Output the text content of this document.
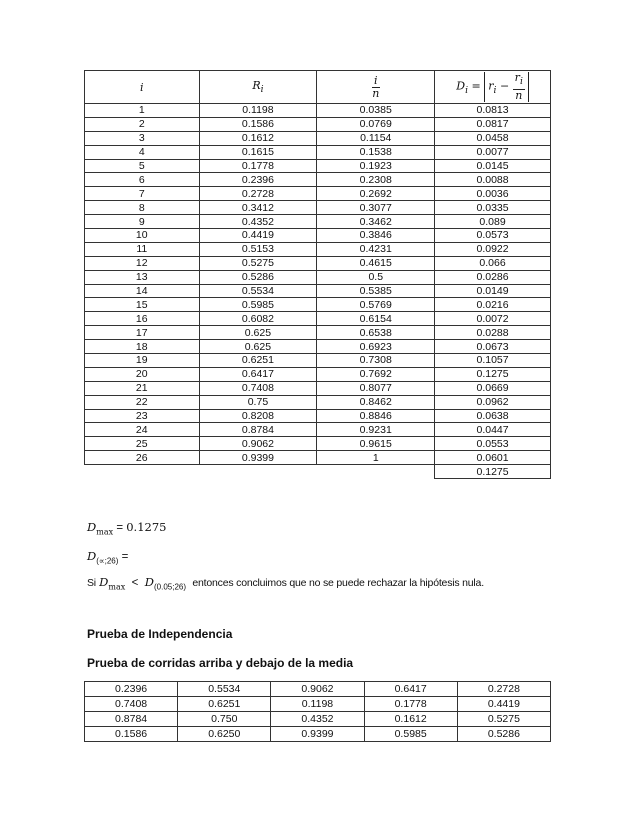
i	$R_i$	$\frac{i}{n}$	$D_i = r_i - \frac{r_i}{n}$

1	0.1198	0.0385	0.0813
2	0.1586	0.0769	0.0817
3	0.1612	0.1154	0.0458
4	0.1615	0.1538	0.0077
5	0.1778	0.1923	0.0145
6	0.2396	0.2308	0.0088
7	0.2728	0.2692	0.0036
8	0.3412	0.3077	0.0335
9	0.4352	0.3462	0.089
10	0.4419	0.3846	0.0573
11	0.5153	0.4231	0.0922
12	0.5275	0.4615	0.066
13	0.5286	0.5	0.0286
14	0.5534	0.5385	0.0149
15	0.5985	0.5769	0.0216
16	0.6082	0.6154	0.0072
17	0.625	0.6538	0.0288
18	0.625	0.6923	0.0673
19	0.6251	0.7308	0.1057
20	0.6417	0.7692	0.1275
21	0.7408	0.8077	0.0669
22	0.75	0.8462	0.0962
23	0.8208	0.8846	0.0638
24	0.8784	0.9231	0.0447
25	0.9062	0.9615	0.0553
26	0.9399	1	0.0601
			0.1275
$D_{max} = 0.1275$
$D_{(\propto;26)}$ =
Si $D_{max} < D_{(0.05;26)}$ entonces concluimos que no se puede rechazar la hipótesis nula.
Prueba de Independencia
Prueba de corridas arriba y debajo de la media
0.2396	0.5534	0.9062	0.6417	0.2728
0.7408	0.6251	0.1198	0.1778	0.4419
0.8784	0.750	0.4352	0.1612	0.5275
0.1586	0.6250	0.9399	0.5985	0.5286
